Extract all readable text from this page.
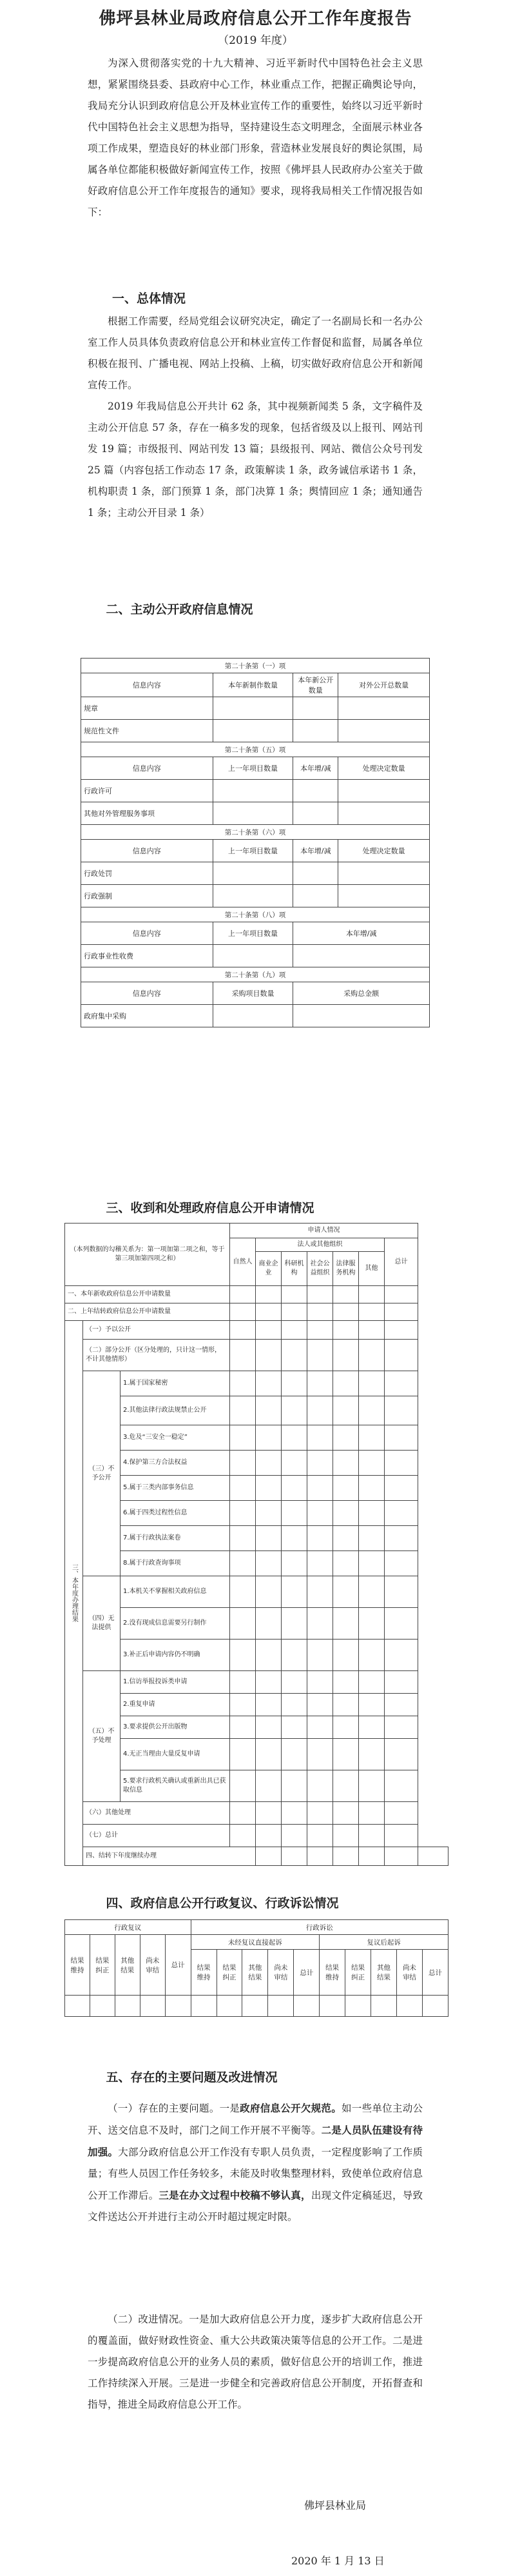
佛坪县林业局政府信息公开工作年度报告
（2019 年度）
为深入贯彻落实党的十九大精神、习近平新时代中国特色社会主义思想，紧紧围绕县委、县政府中心工作，林业重点工作，把握正确舆论导向，我局充分认识到政府信息公开及林业宣传工作的重要性，始终以习近平新时代中国特色社会主义思想为指导，坚持建设生态文明理念，全面展示林业各项工作成果，塑造良好的林业部门形象，营造林业发展良好的舆论氛围，局属各单位都能积极做好新闻宣传工作，按照《佛坪县人民政府办公室关于做好政府信息公开工作年度报告的通知》要求，现将我局相关工作情况报告如下：
一、总体情况
根据工作需要，经局党组会议研究决定，确定了一名副局长和一名办公室工作人员具体负责政府信息公开和林业宣传工作督促和监督，局属各单位积极在报刊、广播电视、网站上投稿、上稿，切实做好政府信息公开和新闻宣传工作。
2019 年我局信息公开共计 62 条，其中视频新闻类 5 条，文字稿件及主动公开信息 57 条，存在一稿多发的现象，包括省级及以上报刊、网站刊发 19 篇；市级报刊、网站刊发 13 篇；县级报刊、网站、微信公众号刊发 25 篇（内容包括工作动态 17 条，政策解读 1 条，政务诚信承诺书 1 条，机构职责 1 条，部门预算 1 条，部门决算 1 条；舆情回应 1 条；通知通告 1 条；主动公开目录 1 条）
二、主动公开政府信息情况
第二十条第（一）项			
信息内容	本年新制作数量	本年新公开数量	对外公开总数量
规章			
规范性文件			
第二十条第（五）项			
信息内容	上一年项目数量	本年增/减	处理决定数量
行政许可			
其他对外管理服务事项			
第二十条第（六）项			
信息内容	上一年项目数量	本年增/减	处理决定数量
行政处罚			
行政强制			
第二十条第（八）项			
信息内容	上一年项目数量	本年增/减	
行政事业性收费			
第二十条第（九）项			
信息内容	采购项目数量	采购总金额	
政府集中采购			
三、收到和处理政府信息公开申请情况
（本列数据的勾稽关系为：第一项加第二项之和，等于第三项加第四项之和）			申请人情况							
			自然人	法人或其他组织					总计	
				商业企业	科研机构	社会公益组织	法律服务机构	其他		
一、本年新收政府信息公开申请数量										
二、上年结转政府信息公开申请数量										
三、本年度办理结果	（一）予以公开									
	（二）部分公开（区分处理的，只计这一情形，不计其他情形）									
	（三）不予公开	1.属于国家秘密								
		2.其他法律行政法规禁止公开								
		3.危及“三安全一稳定”								
		4.保护第三方合法权益								
		5.属于三类内部事务信息								
		6.属于四类过程性信息								
		7.属于行政执法案卷								
		8.属于行政查询事项								
	（四）无法提供	1.本机关不掌握相关政府信息								
		2.没有现成信息需要另行制作								
		3.补正后申请内容仍不明确								
	（五）不予处理	1.信访举报投诉类申请								
		2.重复申请								
		3.要求提供公开出版物								
		4.无正当理由大量反复申请								
		5.要求行政机关确认或重新出具已获取信息								
	（六）其他处理									
	（七）总计									
	四、结转下年度继续办理									
四、政府信息公开行政复议、行政诉讼情况
行政复议					行政诉讼									
结果维持	结果纠正	其他结果	尚未审结	总计	未经复议直接起诉					复议后起诉				
					结果维持	结果纠正	其他结果	尚未审结	总计	结果维持	结果纠正	其他结果	尚未审结	总计

五、存在的主要问题及改进情况
（一）存在的主要问题。一是政府信息公开欠规范。如一些单位主动公开、送交信息不及时，部门之间工作开展不平衡等。二是人员队伍建设有待加强。大部分政府信息公开工作没有专职人员负责，一定程度影响了工作质量；有些人员因工作任务较多，未能及时收集整理材料，致使单位政府信息公开工作滞后。三是在办文过程中校稿不够认真，出现文件定稿延迟，导致文件送达公开并进行主动公开时超过规定时限。
（二）改进情况。一是加大政府信息公开力度，逐步扩大政府信息公开的覆盖面，做好财政性资金、重大公共政策决策等信息的公开工作。二是进一步提高政府信息公开的业务人员的素质，做好信息公开的培训工作，推进工作持续深入开展。三是进一步健全和完善政府信息公开制度，开拓督查和指导，推进全局政府信息公开工作。
佛坪县林业局
2020 年 1 月 13 日
